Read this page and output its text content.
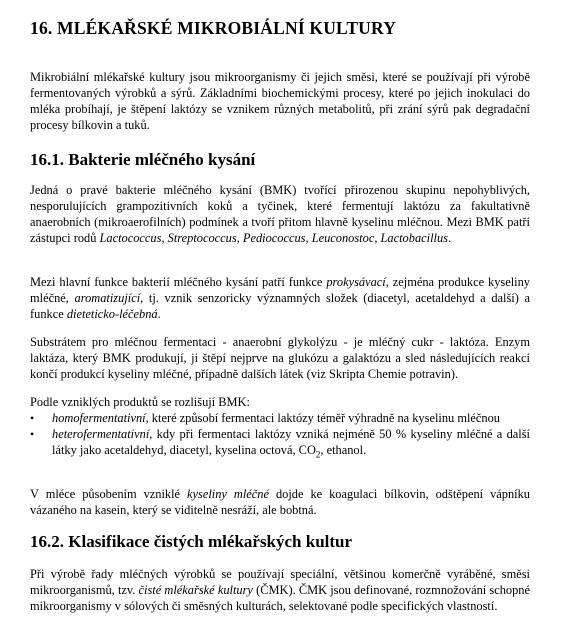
16. MLÉKAŘSKÉ MIKROBIÁLNÍ KULTURY
Mikrobiální mlékařské kultury jsou mikroorganismy či jejich směsi, které se používají při výrobě fermentovaných výrobků a sýrů. Základními biochemickými procesy, které po jejich inokulaci do mléka probíhají, je štěpení laktózy se vznikem různých metabolitů, při zrání sýrů pak degradační procesy bílkovin a tuků.
16.1. Bakterie mléčného kysání
Jedná o pravé bakterie mléčného kysání (BMK) tvořící přirozenou skupinu nepohyblivých, nesporulujících grampozitivních koků a tyčinek, které fermentují laktózu za fakultativně anaerobních (mikroaerofilních) podmínek a tvoří přitom hlavně kyselinu mléčnou. Mezi BMK patří zástupci rodů Lactococcus, Streptococcus, Pediococcus, Leuconostoc, Lactobacillus.
Mezi hlavní funkce bakterií mléčného kysání patří funkce prokysávací, zejména produkce kyseliny mléčné, aromatizující, tj. vznik senzoricky významných složek (diacetyl, acetaldehyd a další) a funkce dieteticko-léčebná.
Substrátem pro mléčnou fermentaci - anaerobní glykolýzu - je mléčný cukr - laktóza. Enzym laktáza, který BMK produkují, ji štěpí nejprve na glukózu a galaktózu a sled následujících reakcí končí produkcí kyseliny mléčné, případně dalších látek (viz Skripta Chemie potravin).
Podle vzniklých produktů se rozlišují BMK:
•	homofermentativní, které způsobí fermentaci laktózy téměř výhradně na kyselinu mléčnou
•	heterofermentativní, kdy při fermentaci laktózy vzniká nejméně 50 % kyseliny mléčné a další látky jako acetaldehyd, diacetyl, kyselina octová, $CO_2$, ethanol.
V mléce působením vzniklé kyseliny mléčné dojde ke koagulaci bílkovin, odštěpení vápníku vázaného na kasein, který se viditelně nesráží, ale bobtná.
16.2. Klasifikace čistých mlékařských kultur
Při výrobě řady mléčných výrobků se používají speciální, většinou komerčně vyráběné, směsi mikroorganismů, tzv. čisté mlékařské kultury (ČMK). ČMK jsou definované, rozmnožování schopné mikroorganismy v sólových či směsných kulturách, selektované podle specifických vlastností.
